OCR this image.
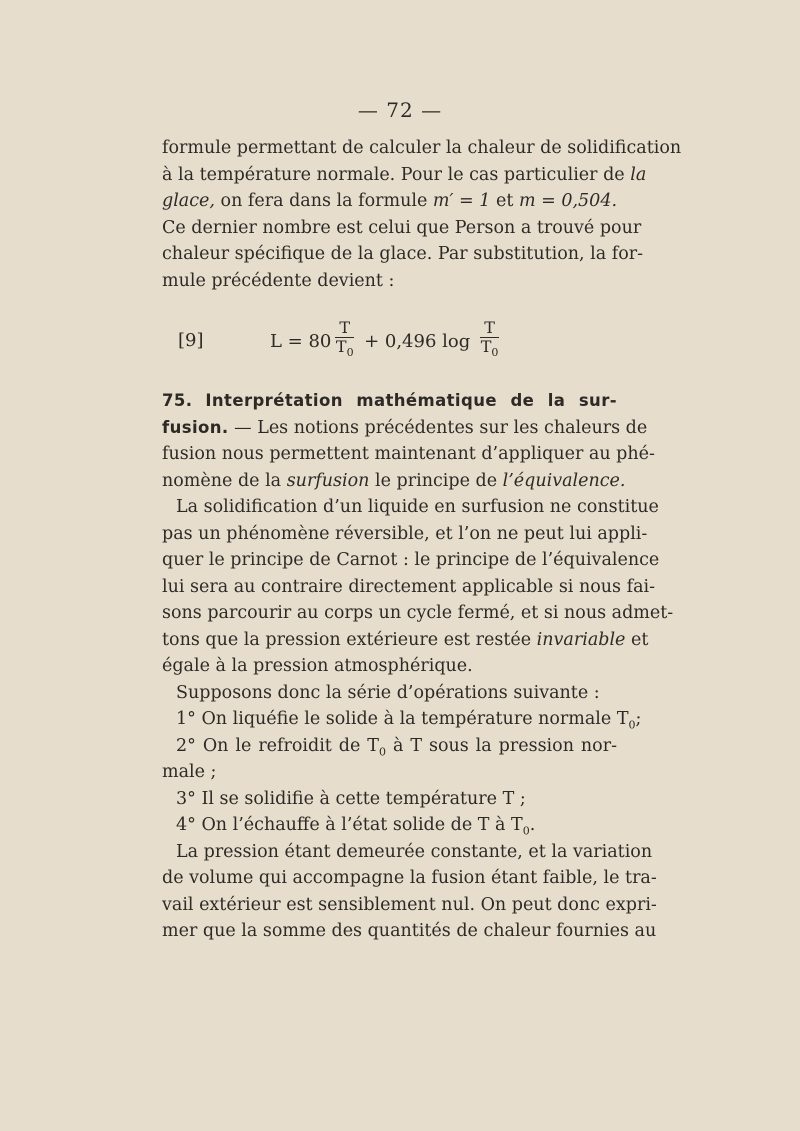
— 72 —
formule permettant de calculer la chaleur de solidification
à la température normale. Pour le cas particulier de la
glace, on fera dans la formule m′ = 1 et m = 0,504.
Ce dernier nombre est celui que Person a trouvé pour
chaleur spécifique de la glace. Par substitution, la for-
mule précédente devient :
[9]	$L = 80 \frac{T}{T_0} + 0,496$ $\log \frac{T}{T_0}$
75. Interprétation mathématique de la sur-
fusion. — Les notions précédentes sur les chaleurs de
fusion nous permettent maintenant d’appliquer au phé-
nomène de la surfusion le principe de l’équivalence.
La solidification d’un liquide en surfusion ne constitue
pas un phénomène réversible, et l’on ne peut lui appli-
quer le principe de Carnot : le principe de l’équivalence
lui sera au contraire directement applicable si nous fai-
sons parcourir au corps un cycle fermé, et si nous admet-
tons que la pression extérieure est restée invariable et
égale à la pression atmosphérique.
Supposons donc la série d’opérations suivante :
1° On liquéfie le solide à la température normale $T_0$;
2° On le refroidit de $T_0$ à T sous la pression nor-
male ;
3° Il se solidifie à cette température T ;
4° On l’échauffe à l’état solide de T à $T_0$.
La pression étant demeurée constante, et la variation
de volume qui accompagne la fusion étant faible, le tra-
vail extérieur est sensiblement nul. On peut donc expri-
mer que la somme des quantités de chaleur fournies au
